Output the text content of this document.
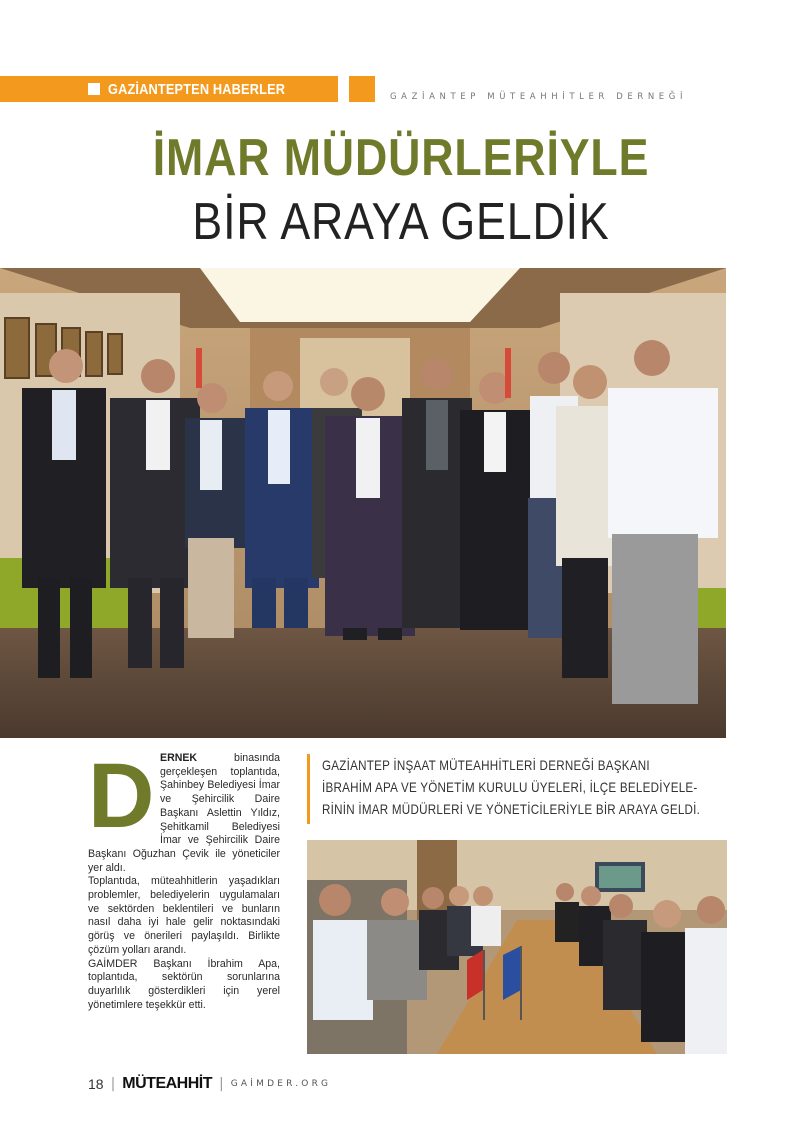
GAZİANTEPTEN HABERLER	GAZİANTEP MÜTEAHHİTLER DERNEĞİ
İMAR MÜDÜRLERİYLE
BİR ARAYA GELDİK
D ERNEK binasında gerçekleşen toplantıda, Şahinbey Belediyesi İmar ve Şehircilik Daire Başkanı Aslettin Yıldız, Şehitkamil Belediyesi İmar ve Şehircilik Daire Başkanı Oğuzhan Çevik ile yöneticiler yer aldı.

Toplantıda, müteahhitlerin yaşadıkları problemler, belediyelerin uygulamaları ve sektörden beklentileri ve bunların nasıl daha iyi hale gelir noktasındaki görüş ve önerileri paylaşıldı. Birlikte çözüm yolları arandı.

GAİMDER Başkanı İbrahim Apa, toplantıda, sektörün sorunlarına duyarlılık gösterdikleri için yerel yönetimlere teşekkür etti.

GAZİANTEP İNŞAAT MÜTEAHHİTLERİ DERNEĞİ BAŞKANI
İBRAHİM APA VE YÖNETİM KURULU ÜYELERİ, İLÇE BELEDİYELE-
RİNİN İMAR MÜDÜRLERİ VE YÖNETİCİLERİYLE BİR ARAYA GELDİ.
18 | MÜTEAHHİT | GAİMDER.ORG
